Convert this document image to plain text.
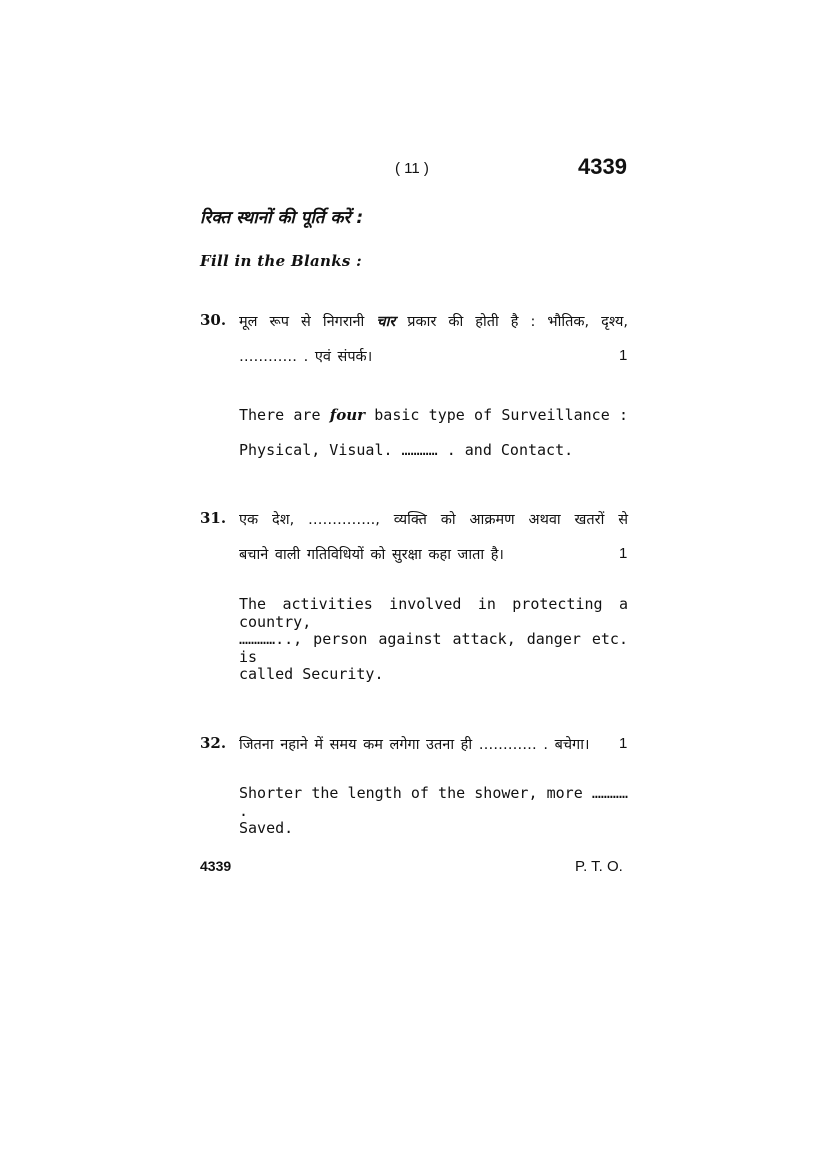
( 11 )	4339
रिक्त स्थानों की पूर्ति करें :
Fill in the Blanks :
30. मूल रूप से निगरानी चार प्रकार की होती है : भौतिक, दृश्य,
………… . एवं संपर्क।	1
There are four basic type of Surveillance :
Physical, Visual. ………… . and Contact.
31. एक देश, ………….., व्यक्ति को आक्रमण अथवा खतरों से
बचाने वाली गतिविधियों को सुरक्षा कहा जाता है।	1
The activities involved in protecting a country,
………….., person against attack, danger etc. is
called Security.
32. जितना नहाने में समय कम लगेगा उतना ही ………… . बचेगा। 1
Shorter the length of the shower, more ………… .
Saved.
4339	P. T. O.
